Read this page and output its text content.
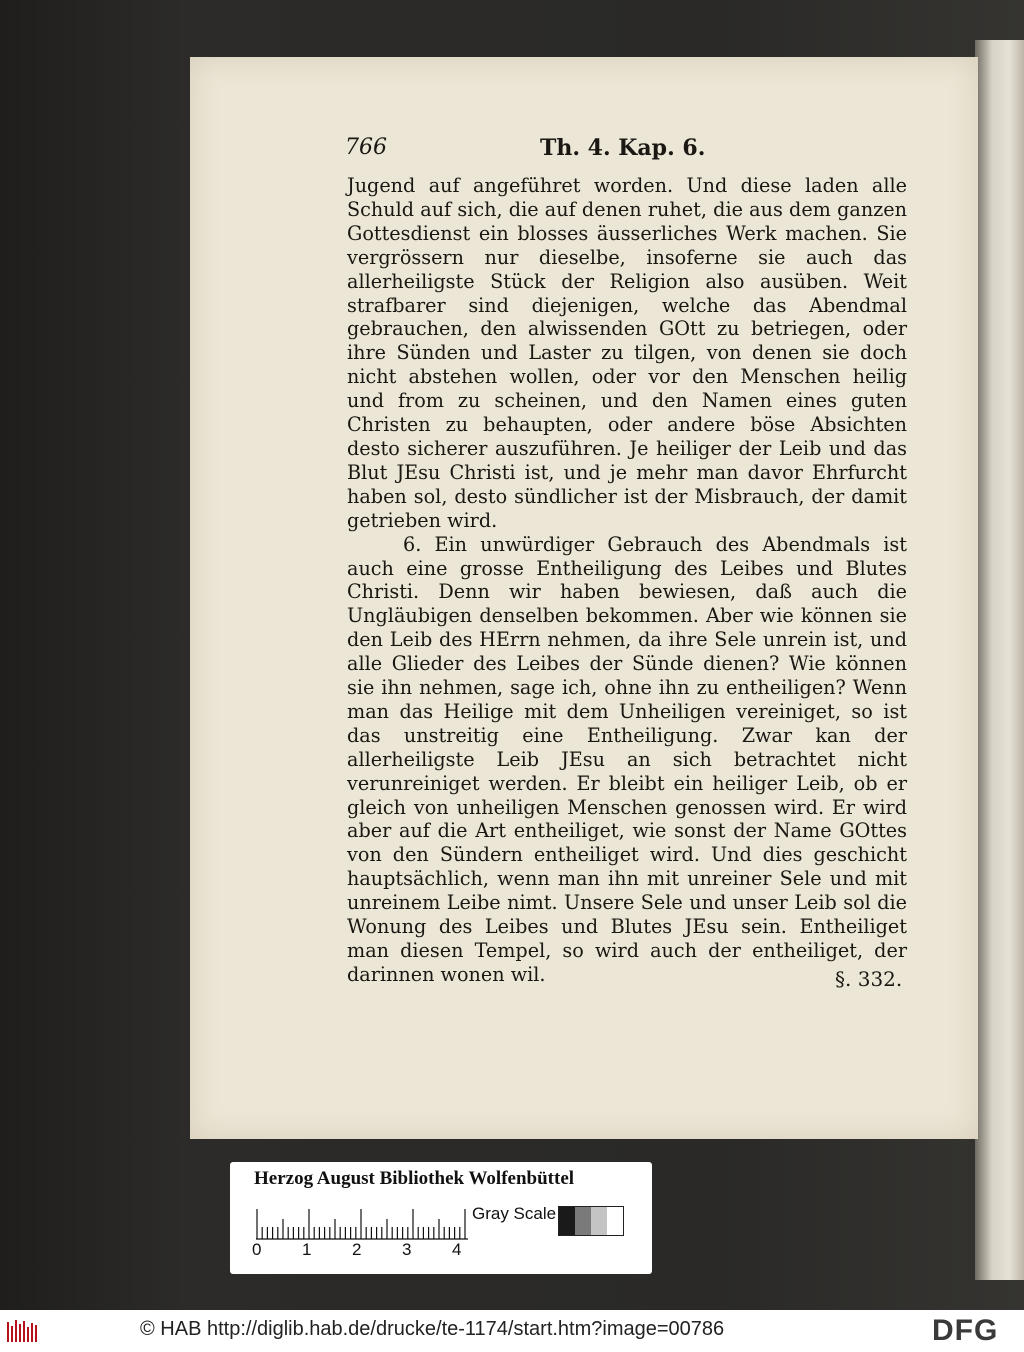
766	Th. 4. Kap. 6.

Jugend auf angeführet worden. Und diese laden alle Schuld auf sich, die auf denen ruhet, die aus dem ganzen Gottesdienst ein blosses äusserliches Werk machen. Sie vergrössern nur dieselbe, insoferne sie auch das allerheiligste Stück der Religion also ausüben. Weit strafbarer sind diejenigen, welche das Abendmal gebrauchen, den alwissenden GOtt zu betriegen, oder ihre Sünden und Laster zu tilgen, von denen sie doch nicht abstehen wollen, oder vor den Menschen heilig und from zu scheinen, und den Namen eines guten Christen zu behaupten, oder andere böse Absichten desto sicherer auszuführen. Je heiliger der Leib und das Blut JEsu Christi ist, und je mehr man davor Ehrfurcht haben sol, desto sündlicher ist der Misbrauch, der damit getrieben wird.

6. Ein unwürdiger Gebrauch des Abendmals ist auch eine grosse Entheiligung des Leibes und Blutes Christi. Denn wir haben bewiesen, daß auch die Ungläubigen denselben bekommen. Aber wie können sie den Leib des HErrn nehmen, da ihre Sele unrein ist, und alle Glieder des Leibes der Sünde dienen? Wie können sie ihn nehmen, sage ich, ohne ihn zu entheiligen? Wenn man das Heilige mit dem Unheiligen vereiniget, so ist das unstreitig eine Entheiligung. Zwar kan der allerheiligste Leib JEsu an sich betrachtet nicht verunreiniget werden. Er bleibt ein heiliger Leib, ob er gleich von unheiligen Menschen genossen wird. Er wird aber auf die Art entheiliget, wie sonst der Name GOttes von den Sündern entheiliget wird. Und dies geschicht hauptsächlich, wenn man ihn mit unreiner Sele und mit unreinem Leibe nimt. Unsere Sele und unser Leib sol die Wonung des Leibes und Blutes JEsu sein. Entheiliget man diesen Tempel, so wird auch der entheiliget, der darinnen wonen wil.	§. 332.
Herzog August Bibliothek Wolfenbüttel
0 1 2 3 4
Gray Scale
© HAB http://diglib.hab.de/drucke/te-1174/start.htm?image=00786	DFG
